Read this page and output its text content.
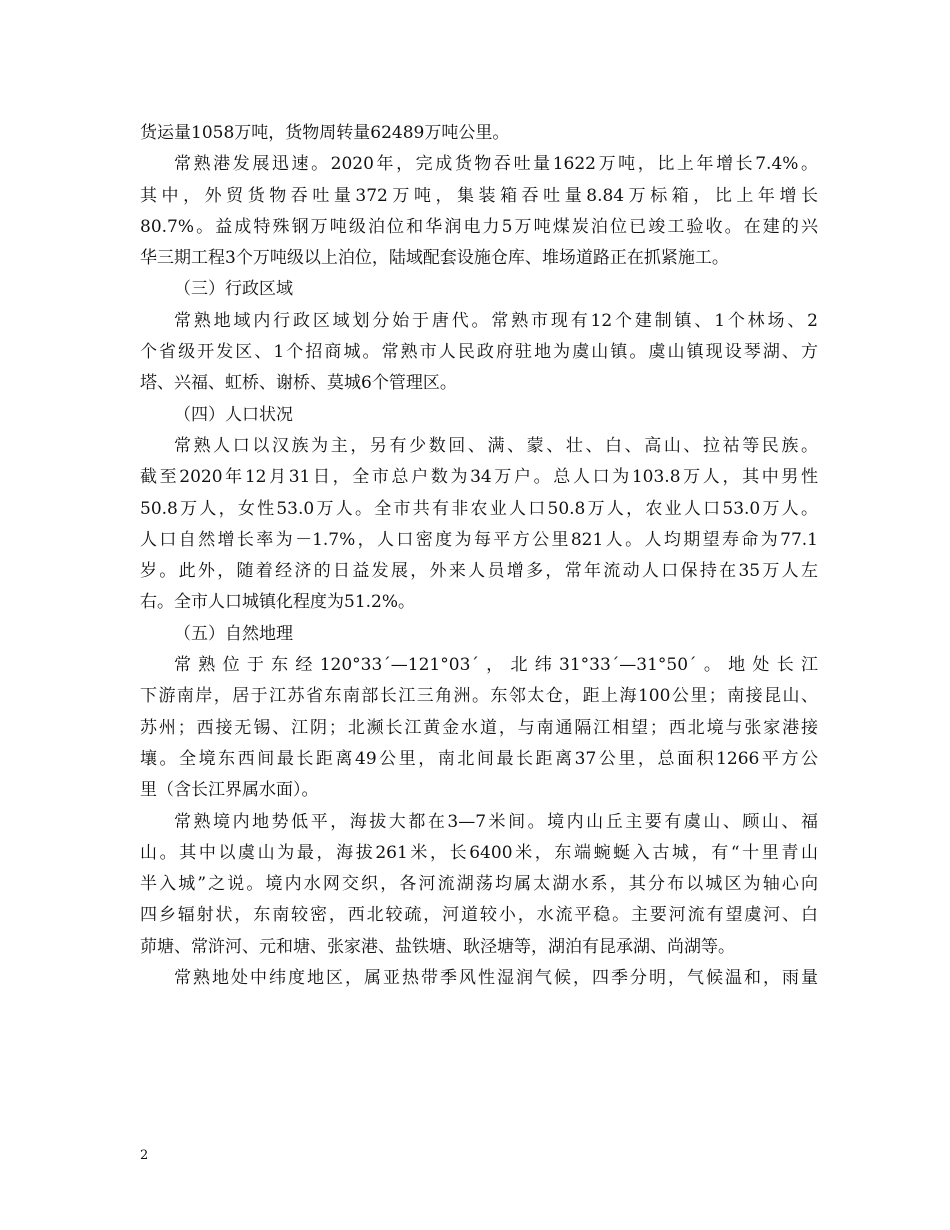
货运量1058万吨，货物周转量62489万吨公里。
常熟港发展迅速。2020年，完成货物吞吐量1622万吨，比上年增长7.4%。
其中，外贸货物吞吐量372万吨，集装箱吞吐量8.84万标箱，比上年增长
80.7%。益成特殊钢万吨级泊位和华润电力5万吨煤炭泊位已竣工验收。在建的兴
华三期工程3个万吨级以上泊位，陆域配套设施仓库、堆场道路正在抓紧施工。
（三）行政区域
常熟地域内行政区域划分始于唐代。常熟市现有12个建制镇、1个林场、2
个省级开发区、1个招商城。常熟市人民政府驻地为虞山镇。虞山镇现设琴湖、方
塔、兴福、虹桥、谢桥、莫城6个管理区。
（四）人口状况
常熟人口以汉族为主，另有少数回、满、蒙、壮、白、高山、拉祜等民族。
截至2020年12月31日，全市总户数为34万户。总人口为103.8万人，其中男性
50.8万人，女性53.0万人。全市共有非农业人口50.8万人，农业人口53.0万人。
人口自然增长率为－1.7%，人口密度为每平方公里821人。人均期望寿命为77.1
岁。此外，随着经济的日益发展，外来人员增多，常年流动人口保持在35万人左
右。全市人口城镇化程度为51.2%。
（五）自然地理
常熟位于东经120°33´—121°03´，北纬31°33´—31°50´。地处长江
下游南岸，居于江苏省东南部长江三角洲。东邻太仓，距上海100公里；南接昆山、
苏州；西接无锡、江阴；北濒长江黄金水道，与南通隔江相望；西北境与张家港接
壤。全境东西间最长距离49公里，南北间最长距离37公里，总面积1266平方公
里（含长江界属水面）。
常熟境内地势低平，海拔大都在3—7米间。境内山丘主要有虞山、顾山、福
山。其中以虞山为最，海拔261米，长6400米，东端蜿蜒入古城，有“十里青山
半入城”之说。境内水网交织，各河流湖荡均属太湖水系，其分布以城区为轴心向
四乡辐射状，东南较密，西北较疏，河道较小，水流平稳。主要河流有望虞河、白
茆塘、常浒河、元和塘、张家港、盐铁塘、耿泾塘等，湖泊有昆承湖、尚湖等。
常熟地处中纬度地区，属亚热带季风性湿润气候，四季分明，气候温和，雨量
2
